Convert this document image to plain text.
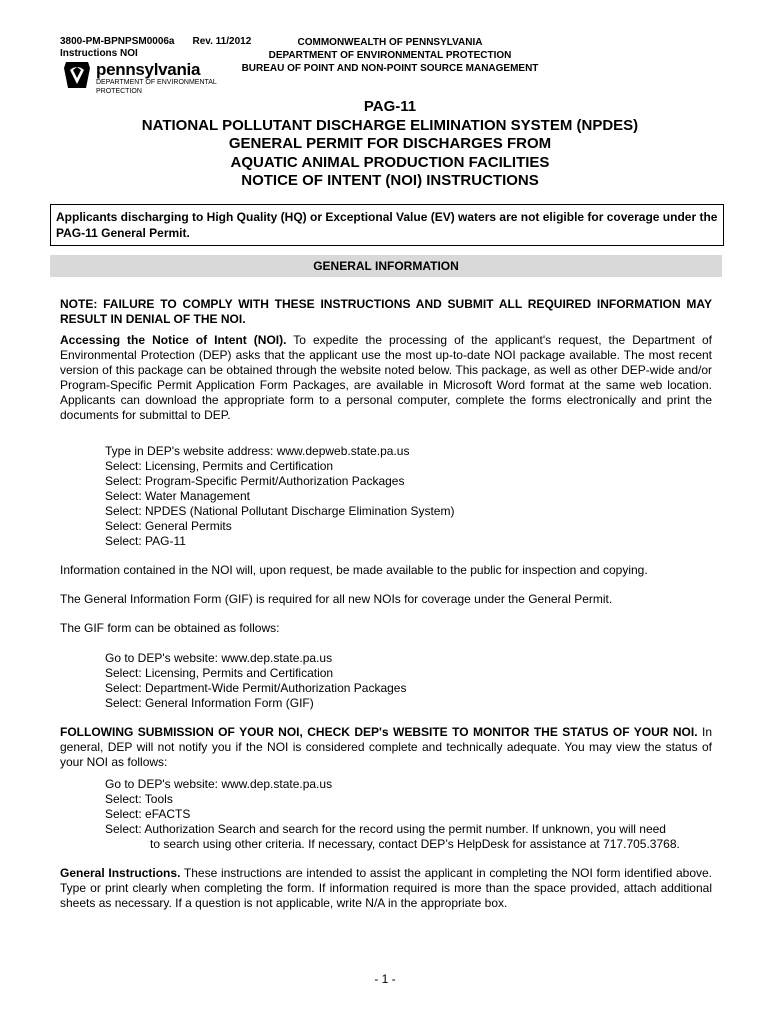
3800-PM-BPNPSM0006a Rev. 11/2012
Instructions NOI
COMMONWEALTH OF PENNSYLVANIA
DEPARTMENT OF ENVIRONMENTAL PROTECTION
BUREAU OF POINT AND NON-POINT SOURCE MANAGEMENT
pennsylvania
DEPARTMENT OF ENVIRONMENTAL
PROTECTION
PAG-11
NATIONAL POLLUTANT DISCHARGE ELIMINATION SYSTEM (NPDES)
GENERAL PERMIT FOR DISCHARGES FROM
AQUATIC ANIMAL PRODUCTION FACILITIES
NOTICE OF INTENT (NOI) INSTRUCTIONS
Applicants discharging to High Quality (HQ) or Exceptional Value (EV) waters are not eligible for coverage under the PAG-11 General Permit.
GENERAL INFORMATION

NOTE: FAILURE TO COMPLY WITH THESE INSTRUCTIONS AND SUBMIT ALL REQUIRED INFORMATION MAY RESULT IN DENIAL OF THE NOI.

Accessing the Notice of Intent (NOI). To expedite the processing of the applicant's request, the Department of Environmental Protection (DEP) asks that the applicant use the most up-to-date NOI package available. The most recent version of this package can be obtained through the website noted below. This package, as well as other DEP-wide and/or Program-Specific Permit Application Form Packages, are available in Microsoft Word format at the same web location. Applicants can download the appropriate form to a personal computer, complete the forms electronically and print the documents for submittal to DEP.

Type in DEP's website address: www.depweb.state.pa.us
Select: Licensing, Permits and Certification
Select: Program-Specific Permit/Authorization Packages
Select: Water Management
Select: NPDES (National Pollutant Discharge Elimination System)
Select: General Permits
Select: PAG-11

Information contained in the NOI will, upon request, be made available to the public for inspection and copying.

The General Information Form (GIF) is required for all new NOIs for coverage under the General Permit.

The GIF form can be obtained as follows:

Go to DEP's website: www.dep.state.pa.us
Select: Licensing, Permits and Certification
Select: Department-Wide Permit/Authorization Packages
Select: General Information Form (GIF)

FOLLOWING SUBMISSION OF YOUR NOI, CHECK DEP's WEBSITE TO MONITOR THE STATUS OF YOUR NOI. In general, DEP will not notify you if the NOI is considered complete and technically adequate. You may view the status of your NOI as follows:

Go to DEP's website: www.dep.state.pa.us
Select: Tools
Select: eFACTS
Select: Authorization Search and search for the record using the permit number. If unknown, you will need
to search using other criteria. If necessary, contact DEP’s HelpDesk for assistance at 717.705.3768.

General Instructions. These instructions are intended to assist the applicant in completing the NOI form identified above. Type or print clearly when completing the form. If information required is more than the space provided, attach additional sheets as necessary. If a question is not applicable, write N/A in the appropriate box.

- 1 -
